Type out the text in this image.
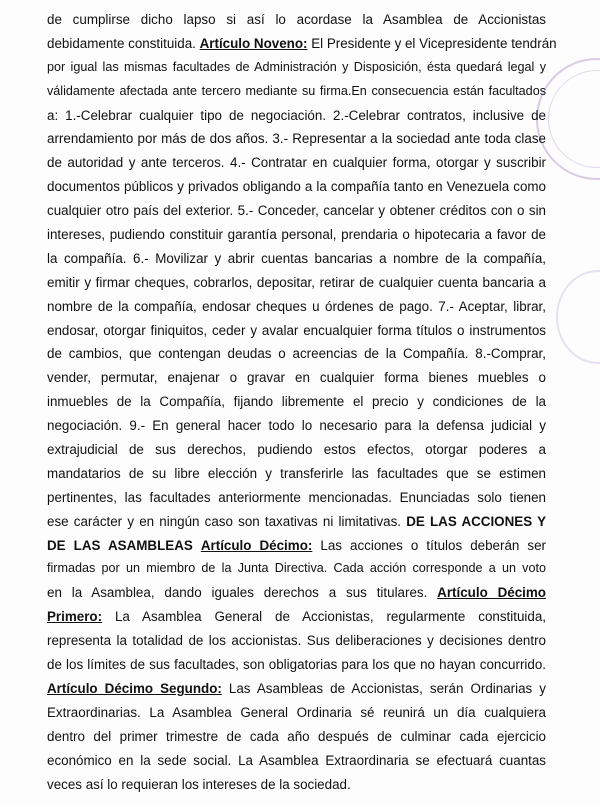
de cumplirse dicho lapso si así lo acordase la Asamblea de Accionistas
debidamente constituida. Artículo Noveno: El Presidente y el Vicepresidente tendrán
por igual las mismas facultades de Administración y Disposición, ésta quedará legal y
válidamente afectada ante tercero mediante su firma.En consecuencia están facultados
a: 1.-Celebrar cualquier tipo de negociación. 2.-Celebrar contratos, inclusive de
arrendamiento por más de dos años. 3.- Representar a la sociedad ante toda clase
de autoridad y ante terceros. 4.- Contratar en cualquier forma, otorgar y suscribir
documentos públicos y privados obligando a la compañía tanto en Venezuela como
cualquier otro país del exterior. 5.- Conceder, cancelar y obtener créditos con o sin
intereses, pudiendo constituir garantía personal, prendaria o hipotecaria a favor de
la compañía. 6.- Movilizar y abrir cuentas bancarias a nombre de la compañía,
emitir y firmar cheques, cobrarlos, depositar, retirar de cualquier cuenta bancaria a
nombre de la compañía, endosar cheques u órdenes de pago. 7.- Aceptar, librar,
endosar, otorgar finiquitos, ceder y avalar encualquier forma títulos o instrumentos
de cambios, que contengan deudas o acreencias de la Compañía. 8.-Comprar,
vender, permutar, enajenar o gravar en cualquier forma bienes muebles o
inmuebles de la Compañía, fijando libremente el precio y condiciones de la
negociación. 9.- En general hacer todo lo necesario para la defensa judicial y
extrajudicial de sus derechos, pudiendo estos efectos, otorgar poderes a
mandatarios de su libre elección y transferirle las facultades que se estimen
pertinentes, las facultades anteriormente mencionadas. Enunciadas solo tienen
ese carácter y en ningún caso son taxativas ni limitativas. DE LAS ACCIONES Y
DE LAS ASAMBLEAS Artículo Décimo: Las acciones o títulos deberán ser
firmadas por un miembro de la Junta Directiva. Cada acción corresponde a un voto
en la Asamblea, dando iguales derechos a sus titulares. Artículo Décimo
Primero: La Asamblea General de Accionistas, regularmente constituida,
representa la totalidad de los accionistas. Sus deliberaciones y decisiones dentro
de los límites de sus facultades, son obligatorias para los que no hayan concurrido.
Artículo Décimo Segundo: Las Asambleas de Accionistas, serán Ordinarias y
Extraordinarias. La Asamblea General Ordinaria sé reunirá un día cualquiera
dentro del primer trimestre de cada año después de culminar cada ejercicio
económico en la sede social. La Asamblea Extraordinaria se efectuará cuantas
veces así lo requieran los intereses de la sociedad.
